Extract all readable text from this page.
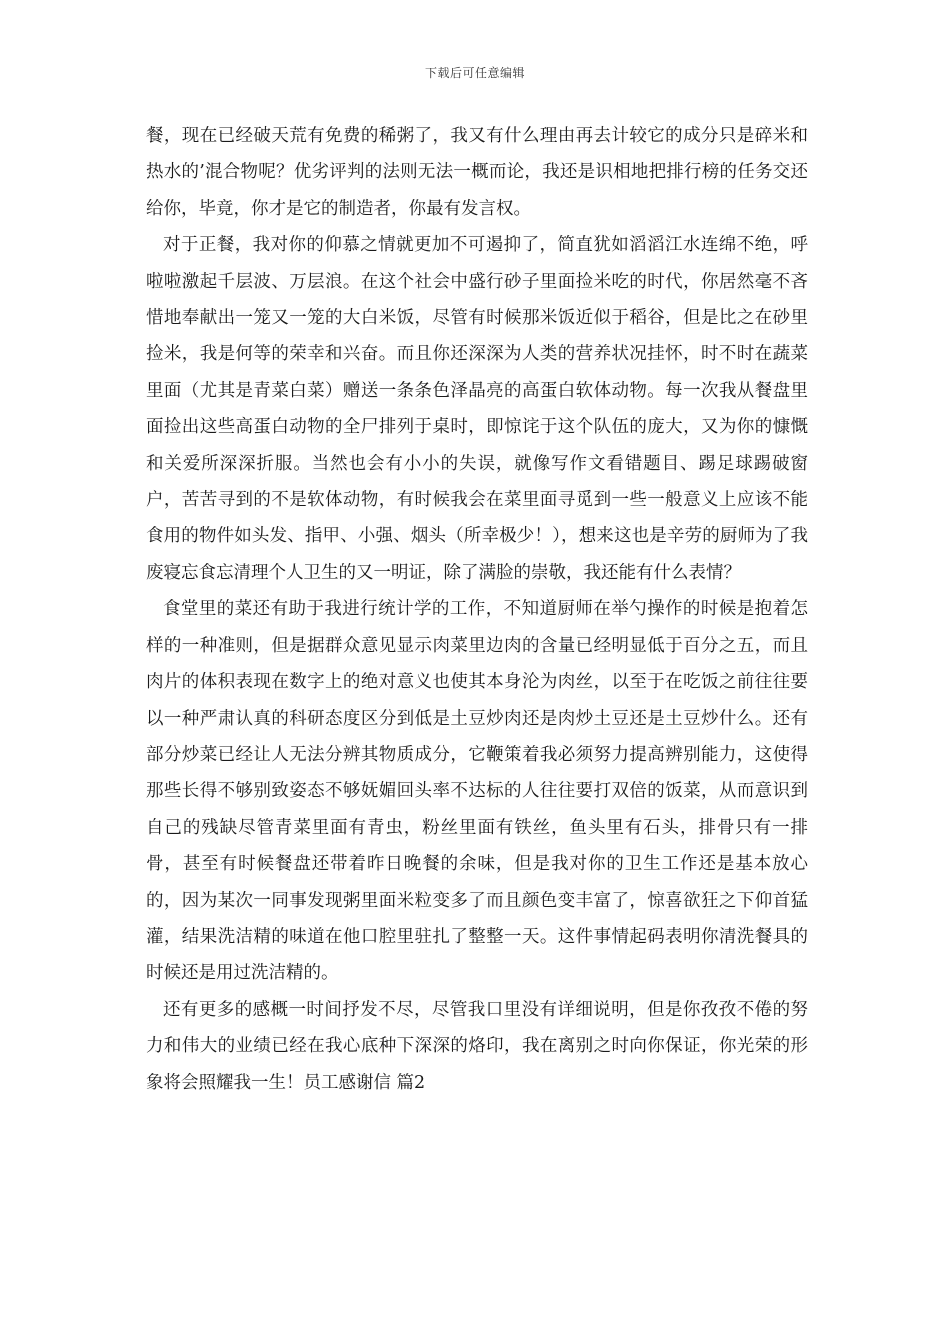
下载后可任意编辑

餐，现在已经破天荒有免费的稀粥了，我又有什么理由再去计较它的成分只是碎米和热水的’混合物呢？优劣评判的法则无法一概而论，我还是识相地把排行榜的任务交还给你，毕竟，你才是它的制造者，你最有发言权。

对于正餐，我对你的仰慕之情就更加不可遏抑了，简直犹如滔滔江水连绵不绝，呼啦啦激起千层波、万层浪。在这个社会中盛行砂子里面捡米吃的时代，你居然毫不吝惜地奉献出一笼又一笼的大白米饭，尽管有时候那米饭近似于稻谷，但是比之在砂里捡米，我是何等的荣幸和兴奋。而且你还深深为人类的营养状况挂怀，时不时在蔬菜里面（尤其是青菜白菜）赠送一条条色泽晶亮的高蛋白软体动物。每一次我从餐盘里面捡出这些高蛋白动物的全尸排列于桌时，即惊诧于这个队伍的庞大，又为你的慷慨和关爱所深深折服。当然也会有小小的失误，就像写作文看错题目、踢足球踢破窗户，苦苦寻到的不是软体动物，有时候我会在菜里面寻觅到一些一般意义上应该不能食用的物件如头发、指甲、小强、烟头（所幸极少！），想来这也是辛劳的厨师为了我废寝忘食忘清理个人卫生的又一明证，除了满脸的崇敬，我还能有什么表情？

食堂里的菜还有助于我进行统计学的工作，不知道厨师在举勺操作的时候是抱着怎样的一种准则，但是据群众意见显示肉菜里边肉的含量已经明显低于百分之五，而且肉片的体积表现在数字上的绝对意义也使其本身沦为肉丝，以至于在吃饭之前往往要以一种严肃认真的科研态度区分到低是土豆炒肉还是肉炒土豆还是土豆炒什么。还有部分炒菜已经让人无法分辨其物质成分，它鞭策着我必须努力提高辨别能力，这使得那些长得不够别致姿态不够妩媚回头率不达标的人往往要打双倍的饭菜，从而意识到自己的残缺尽管青菜里面有青虫，粉丝里面有铁丝，鱼头里有石头，排骨只有一排骨，甚至有时候餐盘还带着昨日晚餐的余味，但是我对你的卫生工作还是基本放心的，因为某次一同事发现粥里面米粒变多了而且颜色变丰富了，惊喜欲狂之下仰首猛灌，结果洗洁精的味道在他口腔里驻扎了整整一天。这件事情起码表明你清洗餐具的时候还是用过洗洁精的。

还有更多的感概一时间抒发不尽，尽管我口里没有详细说明，但是你孜孜不倦的努力和伟大的业绩已经在我心底种下深深的烙印，我在离别之时向你保证，你光荣的形象将会照耀我一生！员工感谢信 篇2
